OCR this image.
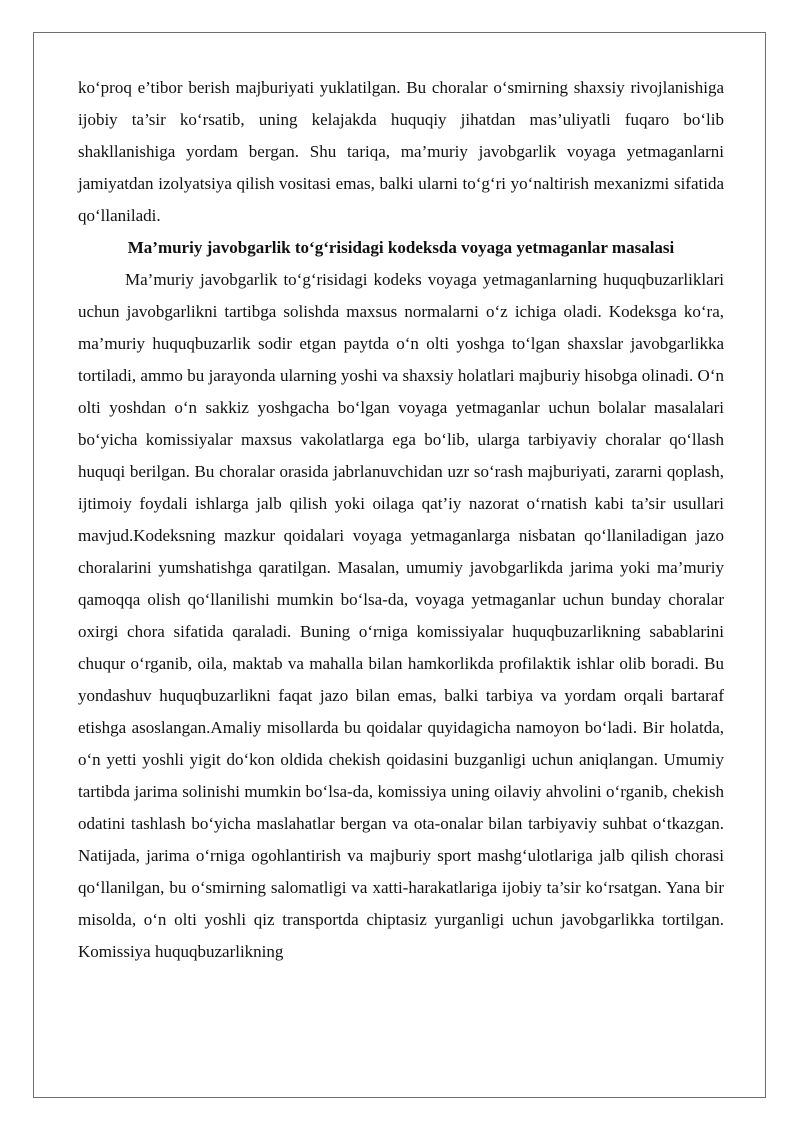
ko‘proq e’tibor berish majburiyati yuklatilgan. Bu choralar o‘smirning shaxsiy rivojlanishiga ijobiy ta’sir ko‘rsatib, uning kelajakda huquqiy jihatdan mas’uliyatli fuqaro bo‘lib shakllanishiga yordam bergan. Shu tariqa, ma’muriy javobgarlik voyaga yetmaganlarni jamiyatdan izolyatsiya qilish vositasi emas, balki ularni to‘g‘ri yo‘naltirish mexanizmi sifatida qo‘llaniladi.

Ma’muriy javobgarlik to‘g‘risidagi kodeksda voyaga yetmaganlar masalasi

Ma’muriy javobgarlik to‘g‘risidagi kodeks voyaga yetmaganlarning huquqbuzarliklari uchun javobgarlikni tartibga solishda maxsus normalarni o‘z ichiga oladi. Kodeksga ko‘ra, ma’muriy huquqbuzarlik sodir etgan paytda o‘n olti yoshga to‘lgan shaxslar javobgarlikka tortiladi, ammo bu jarayonda ularning yoshi va shaxsiy holatlari majburiy hisobga olinadi. O‘n olti yoshdan o‘n sakkiz yoshgacha bo‘lgan voyaga yetmaganlar uchun bolalar masalalari bo‘yicha komissiyalar maxsus vakolatlarga ega bo‘lib, ularga tarbiyaviy choralar qo‘llash huquqi berilgan. Bu choralar orasida jabrlanuvchidan uzr so‘rash majburiyati, zararni qoplash, ijtimoiy foydali ishlarga jalb qilish yoki oilaga qat’iy nazorat o‘rnatish kabi ta’sir usullari mavjud.Kodeksning mazkur qoidalari voyaga yetmaganlarga nisbatan qo‘llaniladigan jazo choralarini yumshatishga qaratilgan. Masalan, umumiy javobgarlikda jarima yoki ma’muriy qamoqqa olish qo‘llanilishi mumkin bo‘lsa-da, voyaga yetmaganlar uchun bunday choralar oxirgi chora sifatida qaraladi. Buning o‘rniga komissiyalar huquqbuzarlikning sabablarini chuqur o‘rganib, oila, maktab va mahalla bilan hamkorlikda profilaktik ishlar olib boradi. Bu yondashuv huquqbuzarlikni faqat jazo bilan emas, balki tarbiya va yordam orqali bartaraf etishga asoslangan.Amaliy misollarda bu qoidalar quyidagicha namoyon bo‘ladi. Bir holatda, o‘n yetti yoshli yigit do‘kon oldida chekish qoidasini buzganligi uchun aniqlangan. Umumiy tartibda jarima solinishi mumkin bo‘lsa-da, komissiya uning oilaviy ahvolini o‘rganib, chekish odatini tashlash bo‘yicha maslahatlar bergan va ota-onalar bilan tarbiyaviy suhbat o‘tkazgan. Natijada, jarima o‘rniga ogohlantirish va majburiy sport mashg‘ulotlariga jalb qilish chorasi qo‘llanilgan, bu o‘smirning salomatligi va xatti-harakatlariga ijobiy ta’sir ko‘rsatgan. Yana bir misolda, o‘n olti yoshli qiz transportda chiptasiz yurganligi uchun javobgarlikka tortilgan. Komissiya huquqbuzarlikning
